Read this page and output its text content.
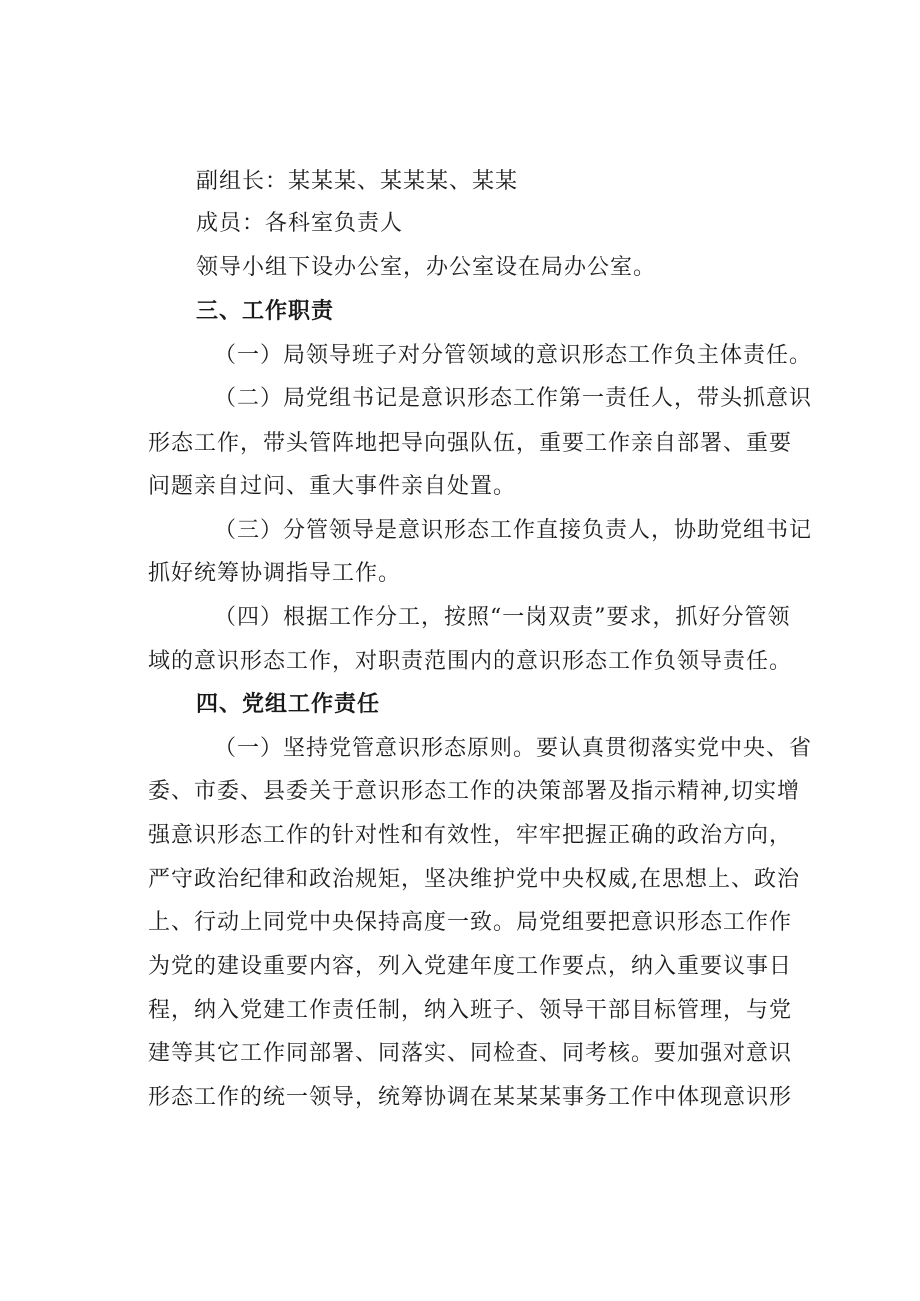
副组长：某某某、某某某、某某
成员：各科室负责人
领导小组下设办公室，办公室设在局办公室。
三、工作职责
（一）局领导班子对分管领域的意识形态工作负主体责任。
（二）局党组书记是意识形态工作第一责任人，带头抓意识
形态工作，带头管阵地把导向强队伍，重要工作亲自部署、重要
问题亲自过问、重大事件亲自处置。
（三）分管领导是意识形态工作直接负责人，协助党组书记
抓好统筹协调指导工作。
（四）根据工作分工，按照“一岗双责”要求，抓好分管领
域的意识形态工作，对职责范围内的意识形态工作负领导责任。
四、党组工作责任
（一）坚持党管意识形态原则。要认真贯彻落实党中央、省
委、市委、县委关于意识形态工作的决策部署及指示精神,切实增
强意识形态工作的针对性和有效性，牢牢把握正确的政治方向，
严守政治纪律和政治规矩，坚决维护党中央权威,在思想上、政治
上、行动上同党中央保持高度一致。局党组要把意识形态工作作
为党的建设重要内容，列入党建年度工作要点，纳入重要议事日
程，纳入党建工作责任制，纳入班子、领导干部目标管理，与党
建等其它工作同部署、同落实、同检查、同考核。要加强对意识
形态工作的统一领导，统筹协调在某某某事务工作中体现意识形
